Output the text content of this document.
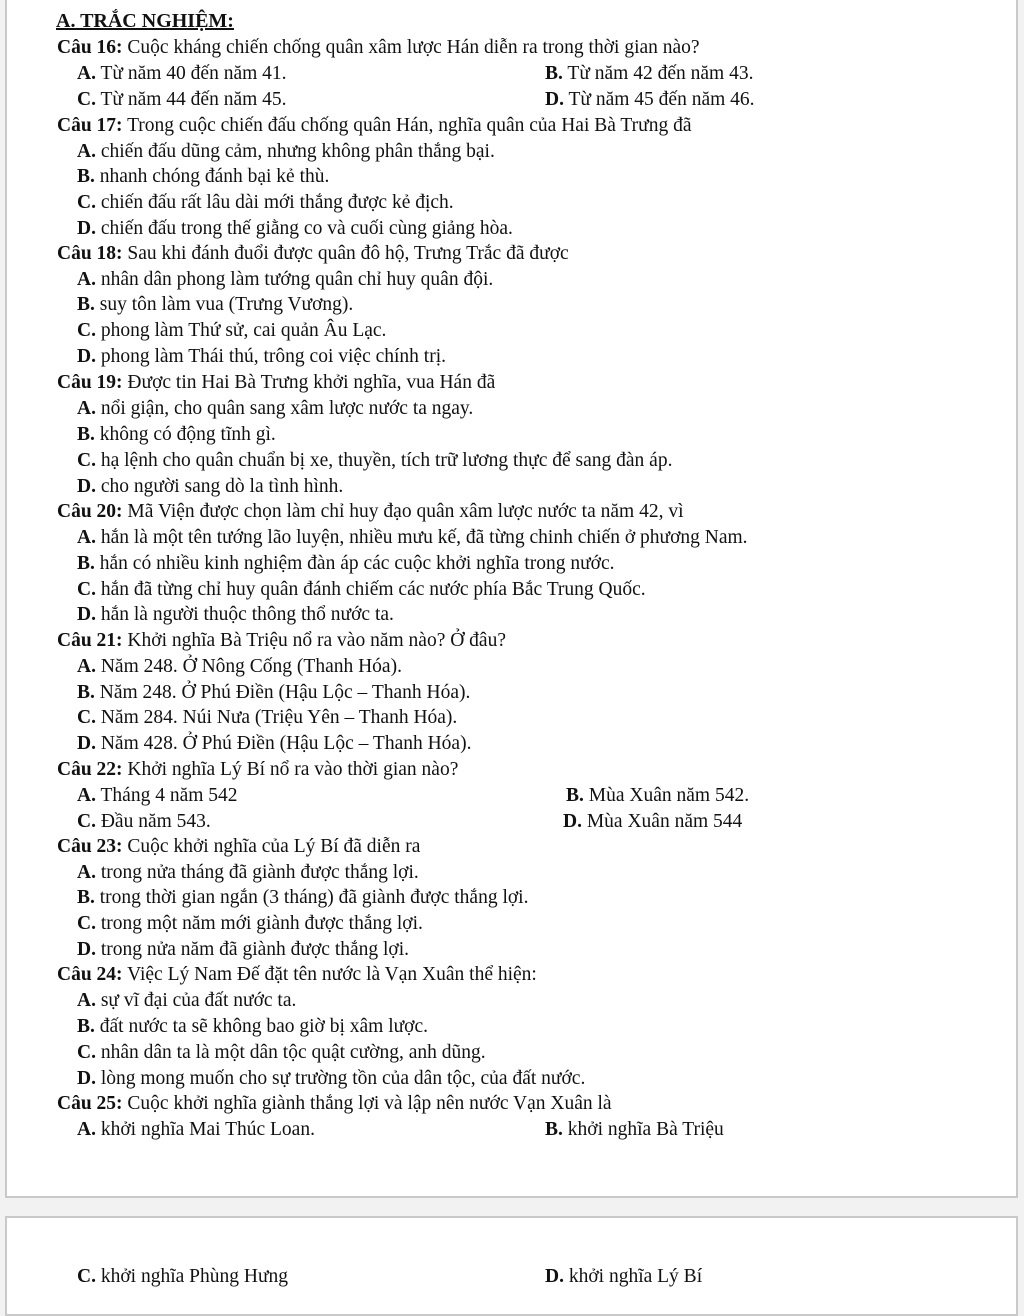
A. TRẮC NGHIỆM:
Câu 16: Cuộc kháng chiến chống quân xâm lược Hán diễn ra trong thời gian nào?
A. Từ năm 40 đến năm 41.	B. Từ năm 42 đến năm 43.
C. Từ năm 44 đến năm 45.	D. Từ năm 45 đến năm 46.
Câu 17: Trong cuộc chiến đấu chống quân Hán, nghĩa quân của Hai Bà Trưng đã
A. chiến đấu dũng cảm, nhưng không phân thắng bại.
B. nhanh chóng đánh bại kẻ thù.
C. chiến đấu rất lâu dài mới thắng được kẻ địch.
D. chiến đấu trong thế giằng co và cuối cùng giảng hòa.
Câu 18: Sau khi đánh đuổi được quân đô hộ, Trưng Trắc đã được
A. nhân dân phong làm tướng quân chỉ huy quân đội.
B. suy tôn làm vua (Trưng Vương).
C. phong làm Thứ sử, cai quản Âu Lạc.
D. phong làm Thái thú, trông coi việc chính trị.
Câu 19: Được tin Hai Bà Trưng khởi nghĩa, vua Hán đã
A. nổi giận, cho quân sang xâm lược nước ta ngay.
B. không có động tĩnh gì.
C. hạ lệnh cho quân chuẩn bị xe, thuyền, tích trữ lương thực để sang đàn áp.
D. cho người sang dò la tình hình.
Câu 20: Mã Viện được chọn làm chỉ huy đạo quân xâm lược nước ta năm 42, vì
A. hắn là một tên tướng lão luyện, nhiều mưu kế, đã từng chinh chiến ở phương Nam.
B. hắn có nhiều kinh nghiệm đàn áp các cuộc khởi nghĩa trong nước.
C. hắn đã từng chỉ huy quân đánh chiếm các nước phía Bắc Trung Quốc.
D. hắn là người thuộc thông thổ nước ta.
Câu 21: Khởi nghĩa Bà Triệu nổ ra vào năm nào? Ở đâu?
A. Năm 248. Ở Nông Cống (Thanh Hóa).
B. Năm 248. Ở Phú Điền (Hậu Lộc – Thanh Hóa).
C. Năm 284. Núi Nưa (Triệu Yên – Thanh Hóa).
D. Năm 428. Ở Phú Điền (Hậu Lộc – Thanh Hóa).
Câu 22: Khởi nghĩa Lý Bí nổ ra vào thời gian nào?
A. Tháng 4 năm 542	B. Mùa Xuân năm 542.
C. Đầu năm 543.	D. Mùa Xuân năm 544
Câu 23: Cuộc khởi nghĩa của Lý Bí đã diễn ra
A. trong nửa tháng đã giành được thắng lợi.
B. trong thời gian ngắn (3 tháng) đã giành được thắng lợi.
C. trong một năm mới giành được thắng lợi.
D. trong nửa năm đã giành được thắng lợi.
Câu 24: Việc Lý Nam Đế đặt tên nước là Vạn Xuân thể hiện:
A. sự vĩ đại của đất nước ta.
B. đất nước ta sẽ không bao giờ bị xâm lược.
C. nhân dân ta là một dân tộc quật cường, anh dũng.
D. lòng mong muốn cho sự trường tồn của dân tộc, của đất nước.
Câu 25: Cuộc khởi nghĩa giành thắng lợi và lập nên nước Vạn Xuân là
A. khởi nghĩa Mai Thúc Loan.	B. khởi nghĩa Bà Triệu
C. khởi nghĩa Phùng Hưng	D. khởi nghĩa Lý Bí
